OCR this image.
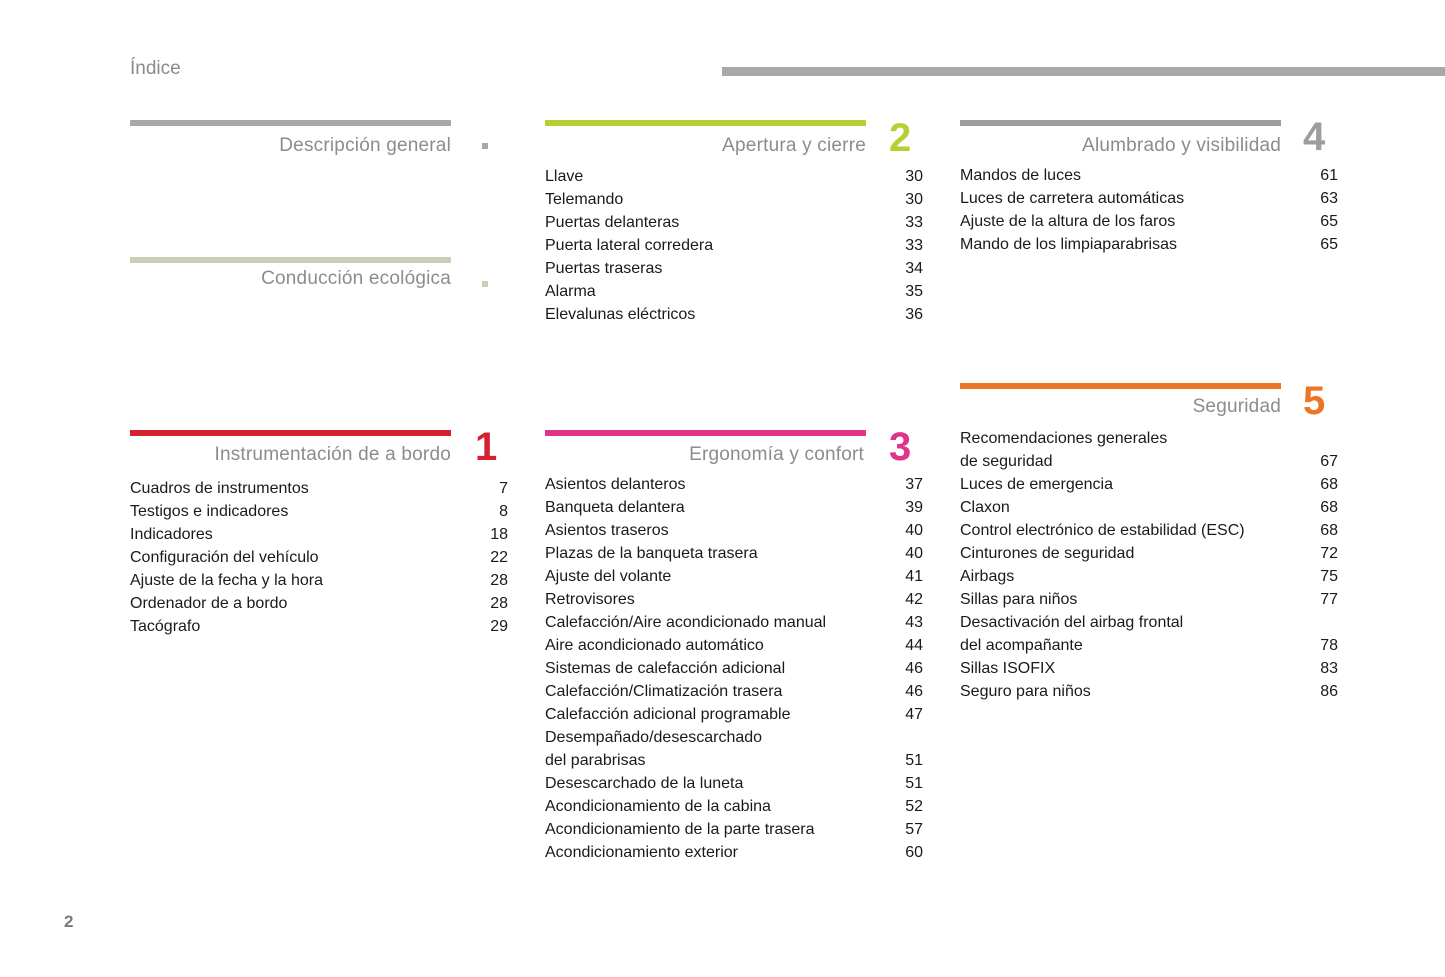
Índice
Descripción general
Conducción ecológica
Instrumentación de a bordo 1
Cuadros de instrumentos	7
Testigos e indicadores	8
Indicadores	18
Configuración del vehículo	22
Ajuste de la fecha y la hora	28
Ordenador de a bordo	28
Tacógrafo	29
Apertura y cierre 2
Llave	30
Telemando	30
Puertas delanteras	33
Puerta lateral corredera	33
Puertas traseras	34
Alarma	35
Elevalunas eléctricos	36
Ergonomía y confort 3
Asientos delanteros	37
Banqueta delantera	39
Asientos traseros	40
Plazas de la banqueta trasera	40
Ajuste del volante	41
Retrovisores	42
Calefacción/Aire acondicionado manual	43
Aire acondicionado automático	44
Sistemas de calefacción adicional	46
Calefacción/Climatización trasera	46
Calefacción adicional programable	47
Desempañado/desescarchado
del parabrisas	51
Desescarchado de la luneta	51
Acondicionamiento de la cabina	52
Acondicionamiento de la parte trasera	57
Acondicionamiento exterior	60
Alumbrado y visibilidad 4
Mandos de luces	61
Luces de carretera automáticas	63
Ajuste de la altura de los faros	65
Mando de los limpiaparabrisas	65
Seguridad 5
Recomendaciones generales
de seguridad	67
Luces de emergencia	68
Claxon	68
Control electrónico de estabilidad (ESC)	68
Cinturones de seguridad	72
Airbags	75
Sillas para niños	77
Desactivación del airbag frontal
del acompañante	78
Sillas ISOFIX	83
Seguro para niños	86
2
